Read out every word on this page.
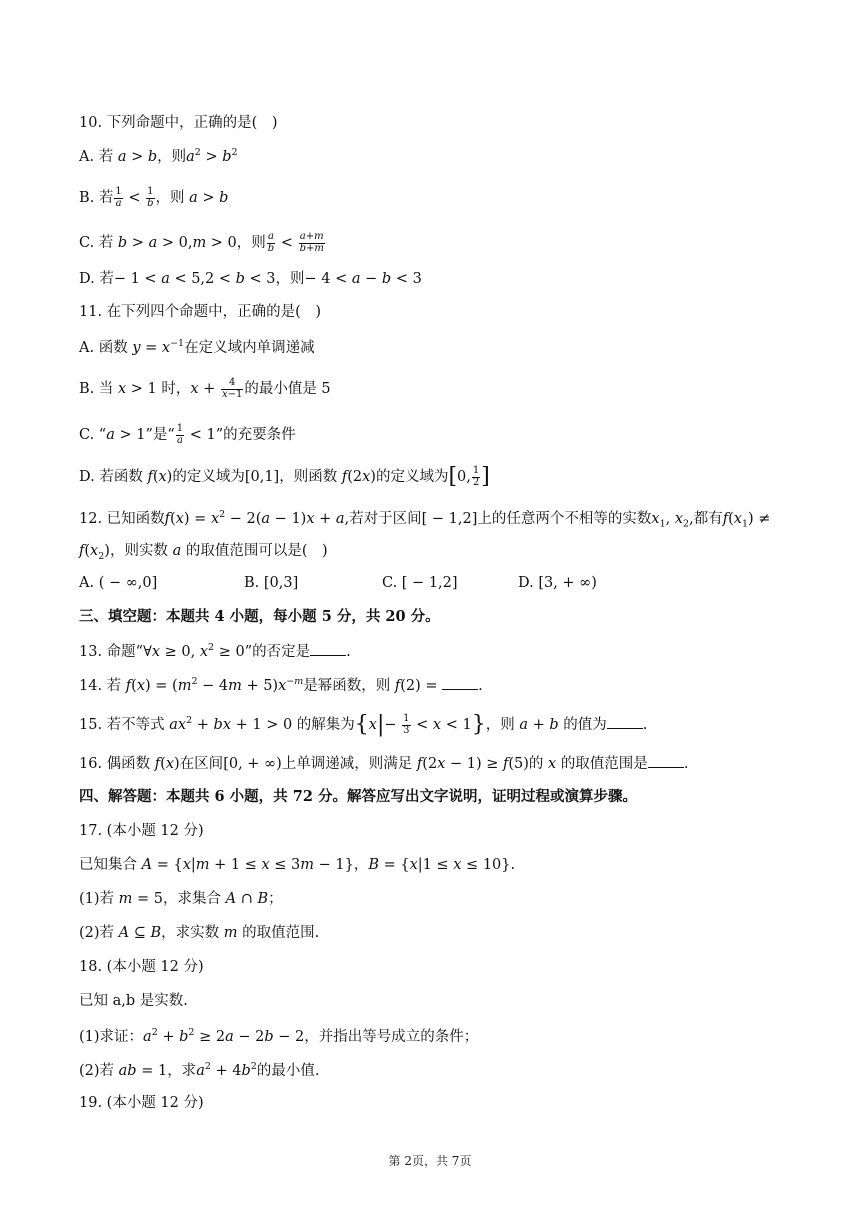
10. 下列命题中，正确的是(　)
A. 若 a > b，则$a^2 > b^2$
B. 若 $\frac{1}{a} < \frac{1}{b}$ ，则 a > b
C. 若 b > a > 0,m > 0，则 $\frac{a}{b} < \frac{a+m}{b+m}$
D. 若− 1 < a < 5,2 < b < 3，则− 4 < a − b < 3
11. 在下列四个命题中，正确的是(　)
A. 函数 $y = x^{-1}$在定义域内单调递减
B. 当 x > 1 时，$x + \frac{4}{x-1}$ 的最小值是 5
C. “a > 1”是“ $\frac{1}{a} < 1$”的充要条件
D. 若函数 f(x)的定义域为[0,1]，则函数 f(2x)的定义域为[0, $\frac{1}{2}$ ]
12. 已知函数$f(x) = x^2 - 2(a - 1)x + a$,若对于区间[ − 1,2]上的任意两个不相等的实数$x_1$, $x_2$,都有$f(x_1)$ ≠
$f(x_2)$，则实数 a 的取值范围可以是(　)
A. ( − ∞,0]	B. [0,3]	C. [ − 1,2]	D. [3, + ∞)
三、填空题：本题共 4 小题，每小题 5 分，共 20 分。
13. 命题“∀x ≥ 0, $x^2 \ge 0$”的否定是 .
14. 若 $f(x) = (m^2 - 4m + 5)x^{-m}$是幂函数，则 f(2) = .
15. 若不等式 $ax^2$ + bx + 1 > 0 的解集为$\{x|- \frac{1}{3} < x < 1\}$，则 a + b 的值为 .
16. 偶函数 f(x)在区间[0, + ∞)上单调递减，则满足 f(2x − 1) ≥ f(5)的 x 的取值范围是 .
四、解答题：本题共 6 小题，共 72 分。解答应写出文字说明，证明过程或演算步骤。
17. (本小题 12 分)
已知集合 A = {x|m + 1 ≤ x ≤ 3m − 1}，B = {x|1 ≤ x ≤ 10}.
(1)若 m = 5，求集合 A ∩ B；
(2)若 A ⊆ B，求实数 m 的取值范围.
18. (本小题 12 分)
已知 a,b 是实数.
(1)求证：$a^2 + b^2 \ge 2a - 2b - 2$，并指出等号成立的条件；
(2)若 ab = 1，求$a^2 + 4b^2$的最小值.
19. (本小题 12 分)
第 2页，共 7页
